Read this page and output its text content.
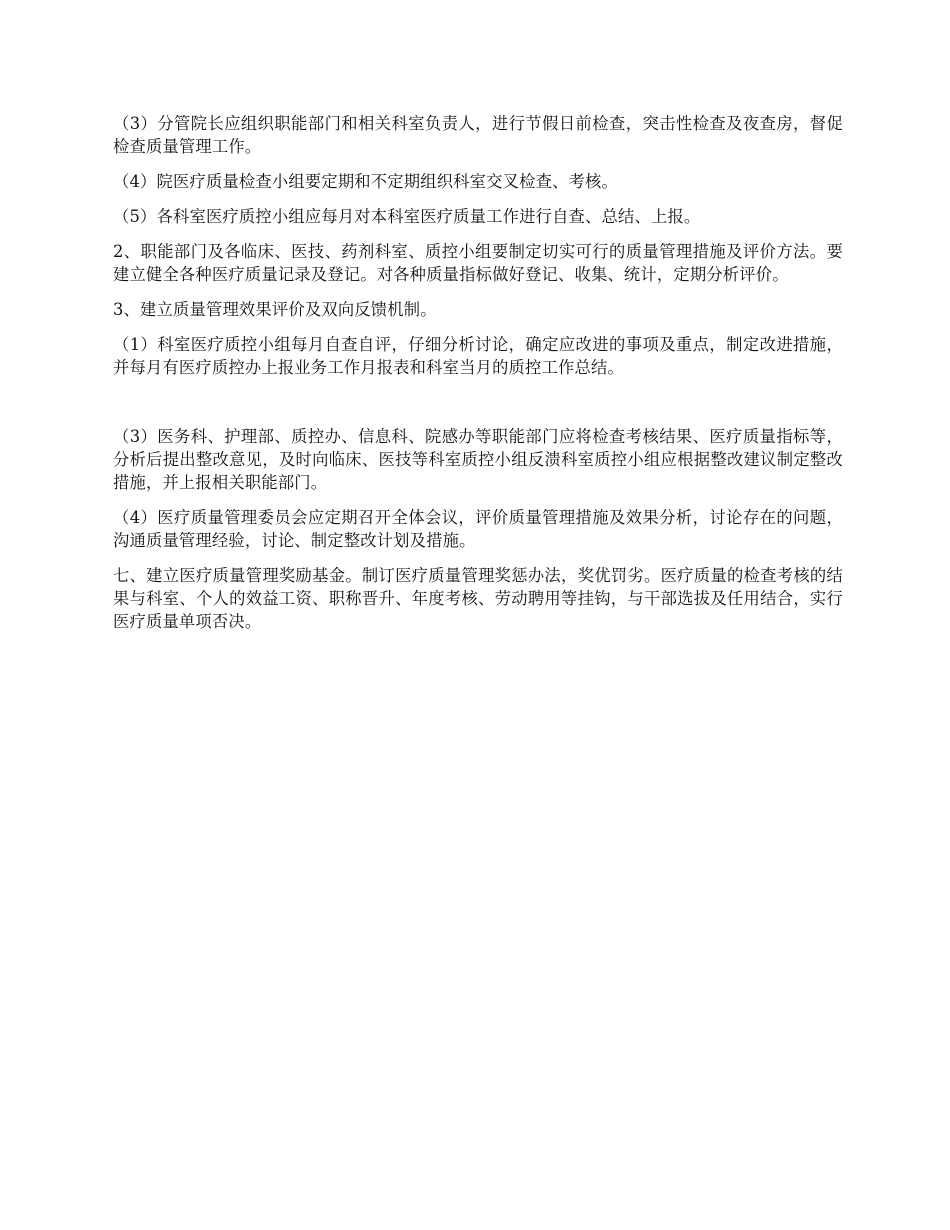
（3）分管院长应组织职能部门和相关科室负责人，进行节假日前检查，突击性检查及夜查房，督促检查质量管理工作。

（4）院医疗质量检查小组要定期和不定期组织科室交叉检查、考核。

（5）各科室医疗质控小组应每月对本科室医疗质量工作进行自查、总结、上报。

2、职能部门及各临床、医技、药剂科室、质控小组要制定切实可行的质量管理措施及评价方法。要建立健全各种医疗质量记录及登记。对各种质量指标做好登记、收集、统计，定期分析评价。

3、建立质量管理效果评价及双向反馈机制。

（1）科室医疗质控小组每月自查自评，仔细分析讨论，确定应改进的事项及重点，制定改进措施，并每月有医疗质控办上报业务工作月报表和科室当月的质控工作总结。

（3）医务科、护理部、质控办、信息科、院感办等职能部门应将检查考核结果、医疗质量指标等，分析后提出整改意见，及时向临床、医技等科室质控小组反溃科室质控小组应根据整改建议制定整改措施，并上报相关职能部门。

（4）医疗质量管理委员会应定期召开全体会议，评价质量管理措施及效果分析，讨论存在的问题，沟通质量管理经验，讨论、制定整改计划及措施。

七、建立医疗质量管理奖励基金。制订医疗质量管理奖惩办法，奖优罚劣。医疗质量的检查考核的结果与科室、个人的效益工资、职称晋升、年度考核、劳动聘用等挂钩，与干部选拔及任用结合，实行医疗质量单项否决。
